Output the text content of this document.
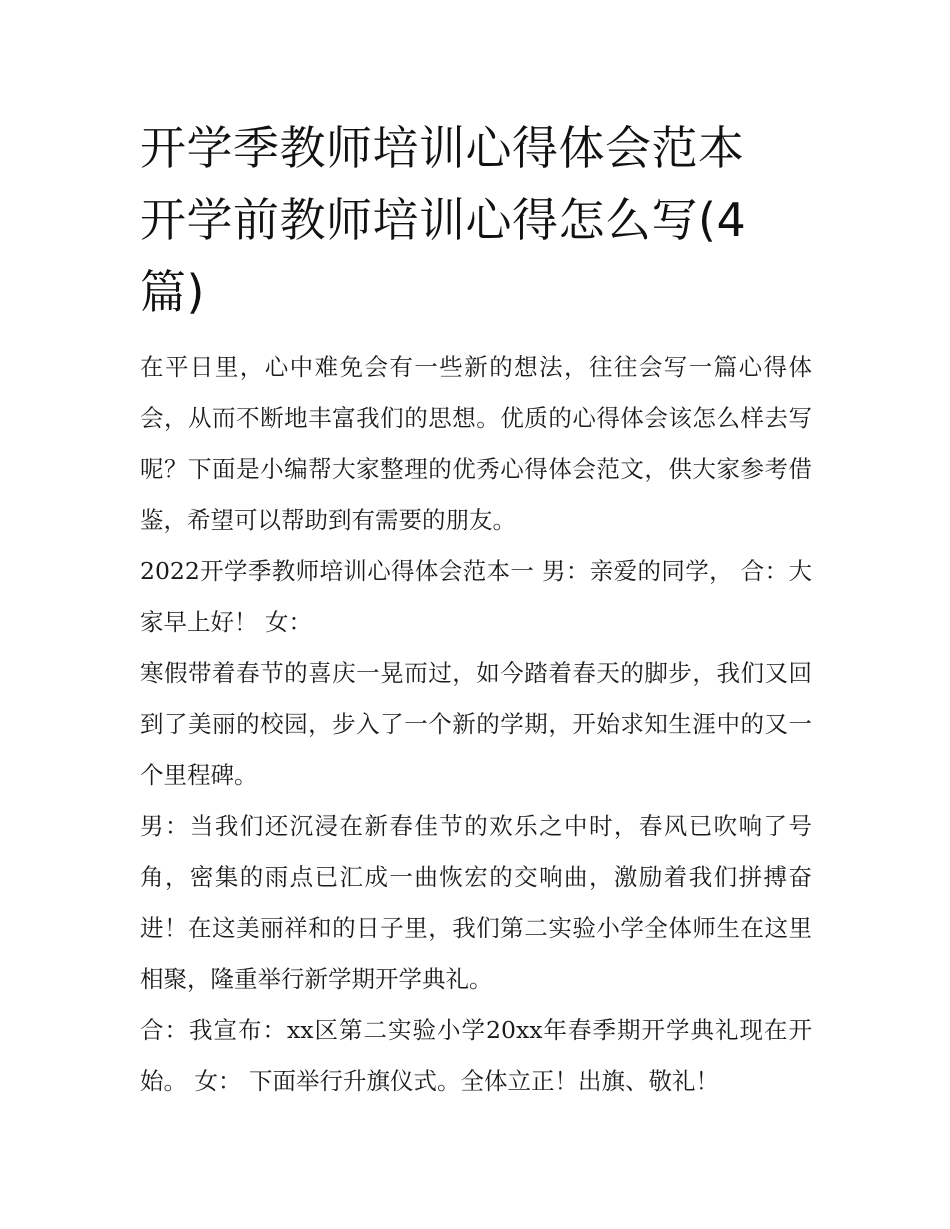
开学季教师培训心得体会范本
开学前教师培训心得怎么写(4
篇)

在平日里，心中难免会有一些新的想法，往往会写一篇心得体会，从而不断地丰富我们的思想。优质的心得体会该怎么样去写呢？下面是小编帮大家整理的优秀心得体会范文，供大家参考借鉴，希望可以帮助到有需要的朋友。

2022开学季教师培训心得体会范本一 男：亲爱的同学， 合：大家早上好！ 女：

寒假带着春节的喜庆一晃而过，如今踏着春天的脚步，我们又回到了美丽的校园，步入了一个新的学期，开始求知生涯中的又一个里程碑。

男：当我们还沉浸在新春佳节的欢乐之中时，春风已吹响了号角，密集的雨点已汇成一曲恢宏的交响曲，激励着我们拼搏奋进！在这美丽祥和的日子里，我们第二实验小学全体师生在这里相聚，隆重举行新学期开学典礼。

合：我宣布：xx区第二实验小学20xx年春季期开学典礼现在开始。 女： 下面举行升旗仪式。全体立正！出旗、敬礼！
